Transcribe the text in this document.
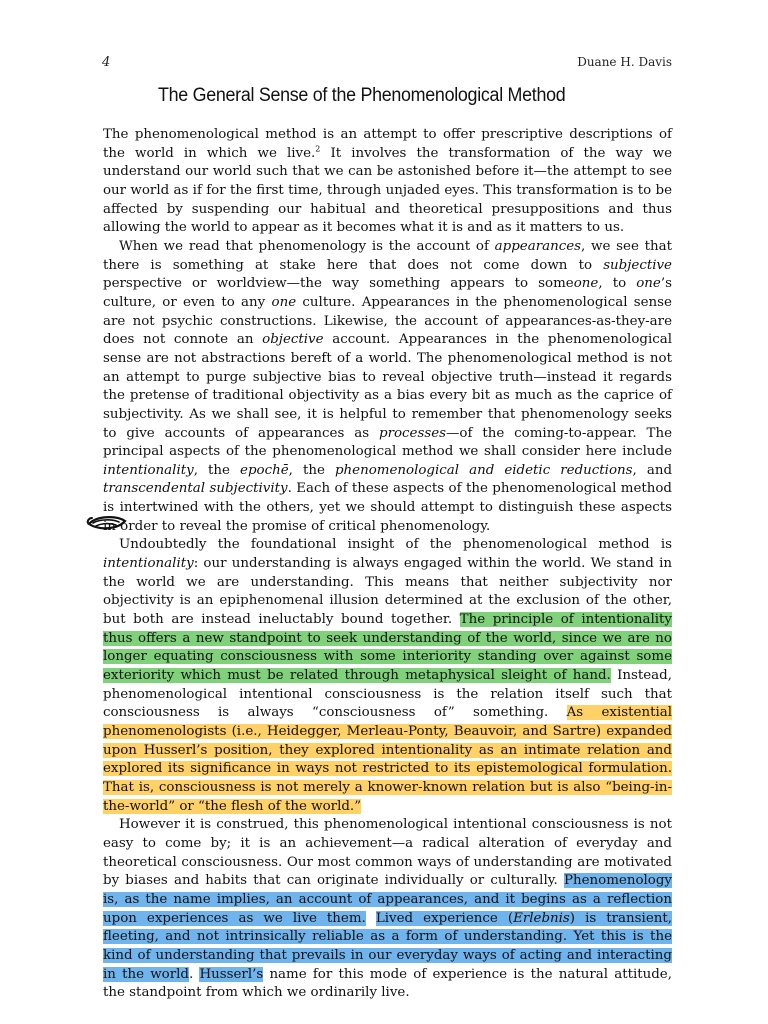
4	Duane H. Davis
The General Sense of the Phenomenological Method

The phenomenological method is an attempt to offer prescriptive descriptions of the world in which we live.$^2$ It involves the transformation of the way we understand our world such that we can be astonished before it—the attempt to see our world as if for the first time, through unjaded eyes. This transformation is to be affected by suspending our habitual and theoretical presuppositions and thus allowing the world to appear as it becomes what it is and as it matters to us.

When we read that phenomenology is the account of appearances, we see that there is something at stake here that does not come down to subjective perspective or worldview—the way something appears to someone, to one’s culture, or even to any one culture. Appearances in the phenomenological sense are not psychic constructions. Likewise, the account of appearances-as-they-are does not connote an objective account. Appearances in the phenomenological sense are not abstractions bereft of a world. The phenomenological method is not an attempt to purge subjective bias to reveal objective truth—instead it regards the pretense of traditional objectivity as a bias every bit as much as the caprice of subjectivity. As we shall see, it is helpful to remember that phenomenology seeks to give accounts of appearances as processes—of the coming-to-appear. The principal aspects of the phenomenological method we shall consider here include intentionality, the epochē, the phenomenological and eidetic reductions, and transcendental subjectivity. Each of these aspects of the phenomenological method is intertwined with the others, yet we should attempt to distinguish these aspects in order to reveal the promise of critical phenomenology.

Undoubtedly the foundational insight of the phenomenological method is intentionality: our understanding is always engaged within the world. We stand in the world we are understanding. This means that neither subjectivity nor objectivity is an epiphenomenal illusion determined at the exclusion of the other, but both are instead ineluctably bound together. The principle of intentionality thus offers a new standpoint to seek understanding of the world, since we are no longer equating consciousness with some interiority standing over against some exteriority which must be related through metaphysical sleight of hand. Instead, phenomenological intentional consciousness is the relation itself such that consciousness is always “consciousness of” something. As existential phenomenologists (i.e., Heidegger, Merleau-Ponty, Beauvoir, and Sartre) expanded upon Husserl’s position, they explored intentionality as an intimate relation and explored its significance in ways not restricted to its epistemological formulation. That is, consciousness is not merely a knower-known relation but is also “being-in-the-world” or “the flesh of the world.”

However it is construed, this phenomenological intentional consciousness is not easy to come by; it is an achievement—a radical alteration of everyday and theoretical consciousness. Our most common ways of understanding are motivated by biases and habits that can originate individually or culturally. Phenomenology is, as the name implies, an account of appearances, and it begins as a reflection upon experiences as we live them. Lived experience (Erlebnis) is transient, fleeting, and not intrinsically reliable as a form of understanding. Yet this is the kind of understanding that prevails in our everyday ways of acting and interacting in the world. Husserl’s name for this mode of experience is the natural attitude, the standpoint from which we ordinarily live.
